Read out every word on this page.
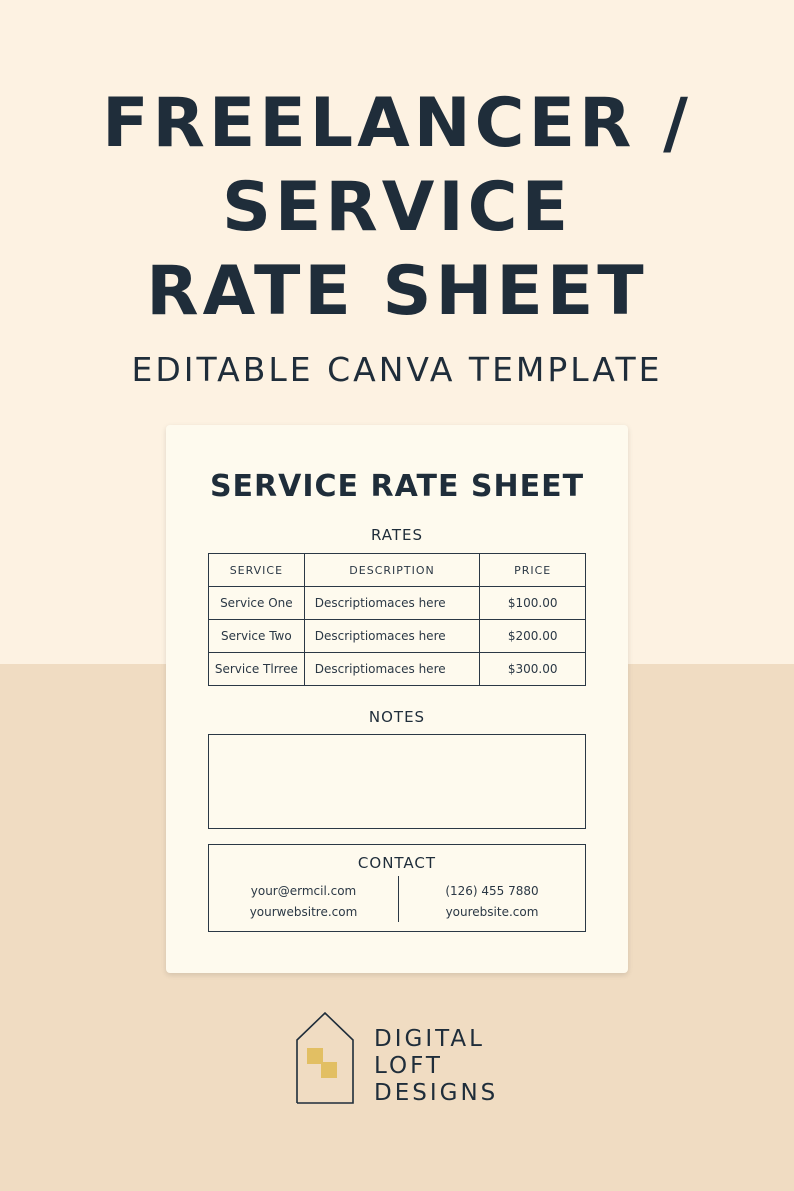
FREELANCER /
SERVICE
RATE SHEET
EDITABLE CANVA TEMPLATE
SERVICE RATE SHEET
RATES
SERVICE	DESCRIPTION	PRICE
Service One	Descriptiomaces here	$100.00
Service Two	Descriptiomaces here	$200.00
Service Tlrree	Descriptiomaces here	$300.00
NOTES
CONTACT
your@ermcil.com
yourwebsitre.com
(126) 455 7880
yourebsite.com
DIGITAL
LOFT
DESIGNS
